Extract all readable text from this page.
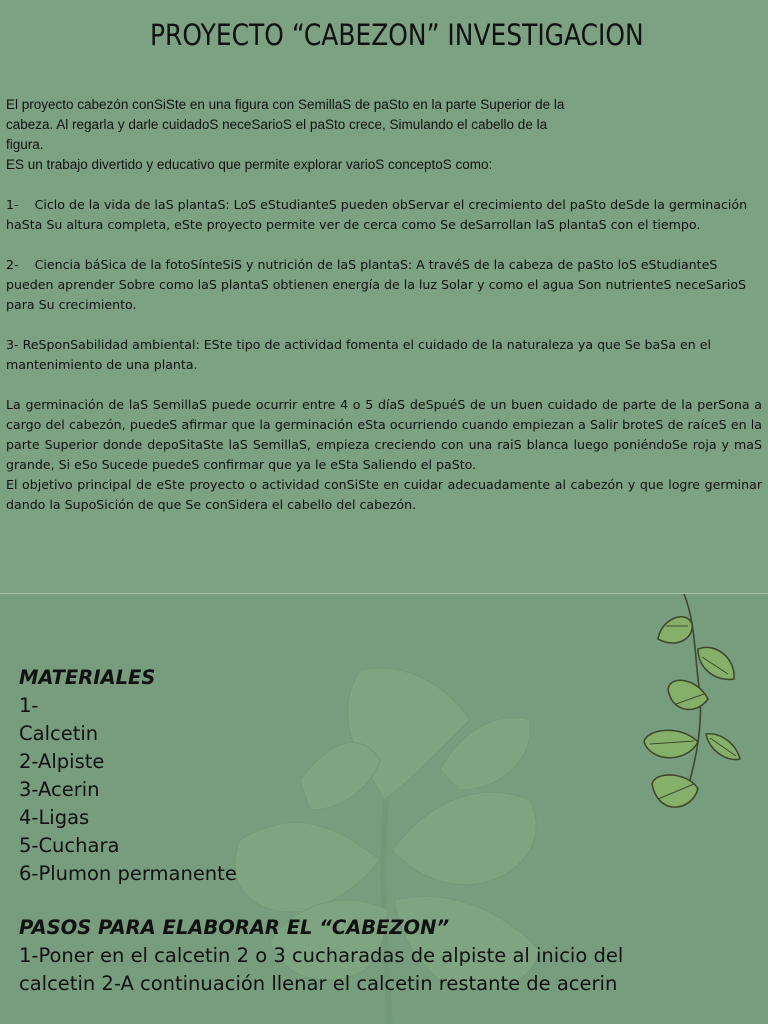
PROYECTO “CABEZON” INVESTIGACION

El proyecto cabezón conSiSte en una figura con SemillaS de paSto en la parte Superior de la cabeza. Al regarla y darle cuidadoS neceSarioS el paSto crece, Simulando el cabello de la figura.

ES un trabajo divertido y educativo que permite explorar varioS conceptoS como:

1- Ciclo de la vida de laS plantaS: LoS eStudianteS pueden obServar el crecimiento del paSto deSde la germinación haSta Su altura completa, eSte proyecto permite ver de cerca como Se deSarrollan laS plantaS con el tiempo.

2- Ciencia báSica de la fotoSínteSiS y nutrición de laS plantaS: A travéS de la cabeza de paSto loS eStudianteS pueden aprender Sobre como laS plantaS obtienen energía de la luz Solar y como el agua Son nutrienteS neceSarioS para Su crecimiento.

3- ReSponSabilidad ambiental: ESte tipo de actividad fomenta el cuidado de la naturaleza ya que Se baSa en el mantenimiento de una planta.

La germinación de laS SemillaS puede ocurrir entre 4 o 5 díaS deSpuéS de un buen cuidado de parte de la perSona a cargo del cabezón, puedeS afirmar que la germinación eSta ocurriendo cuando empiezan a Salir broteS de raíceS en la parte Superior donde depoSitaSte laS SemillaS, empieza creciendo con una raiS blanca luego poniéndoSe roja y maS grande, Si eSo Sucede puedeS confirmar que ya le eSta Saliendo el paSto.

El objetivo principal de eSte proyecto o actividad conSiSte en cuidar adecuadamente al cabezón y que logre germinar dando la SupoSición de que Se conSidera el cabello del cabezón.

MATERIALES
1-
Calcetin
2-Alpiste
3-Acerin
4-Ligas
5-Cuchara
6-Plumon permanente
PASOS PARA ELABORAR EL “CABEZON”
1-Poner en el calcetin 2 o 3 cucharadas de alpiste al inicio del calcetin 2-A continuación llenar el calcetin restante de acerin
